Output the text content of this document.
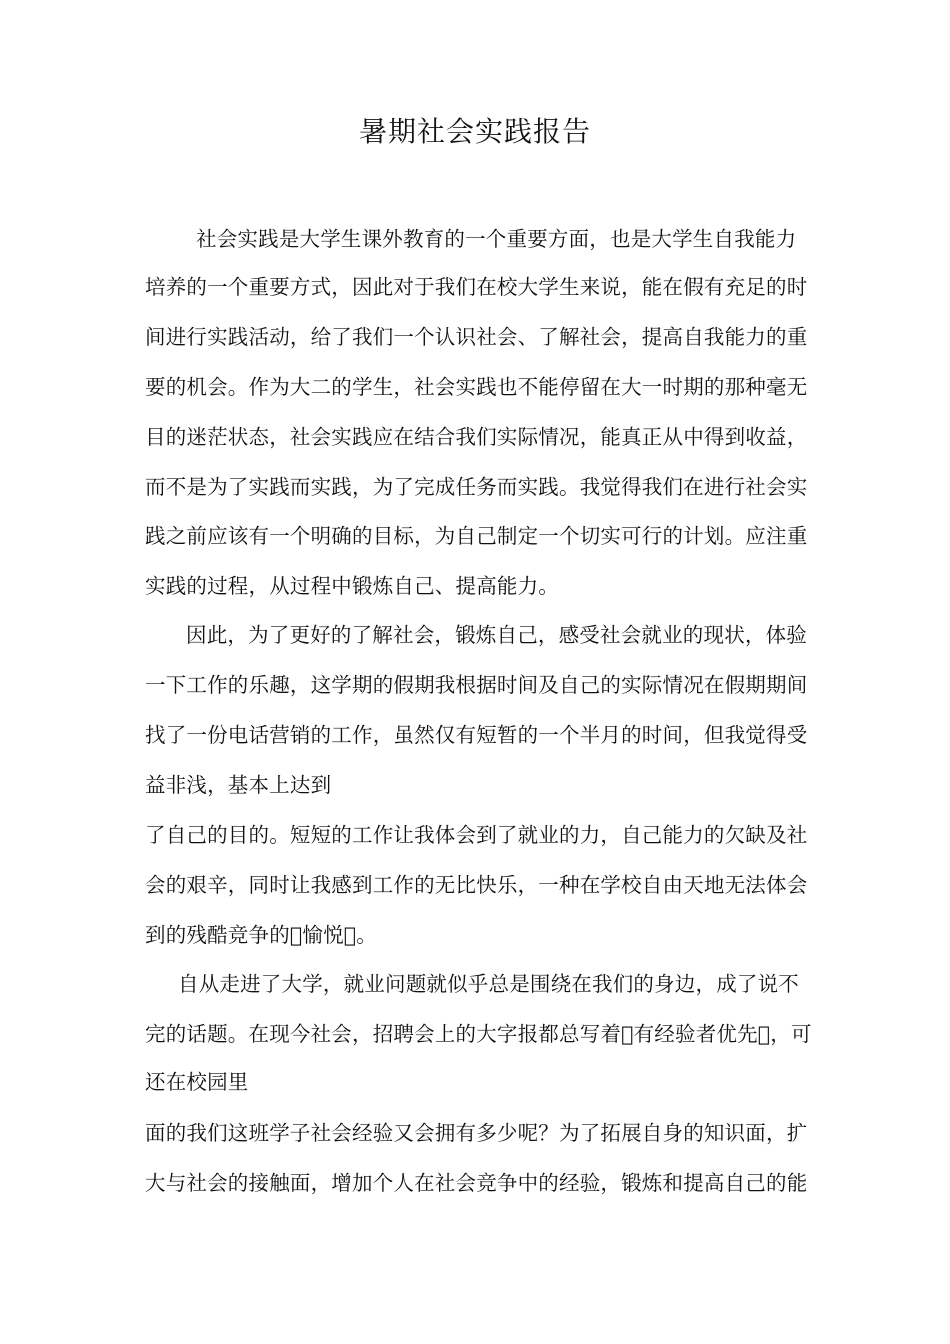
暑期社会实践报告
社会实践是大学生课外教育的一个重要方面，也是大学生自我能力
培养的一个重要方式，因此对于我们在校大学生来说，能在假有充足的时
间进行实践活动，给了我们一个认识社会、了解社会，提高自我能力的重
要的机会。作为大二的学生，社会实践也不能停留在大一时期的那种毫无
目的迷茫状态，社会实践应在结合我们实际情况，能真正从中得到收益，
而不是为了实践而实践，为了完成任务而实践。我觉得我们在进行社会实
践之前应该有一个明确的目标，为自己制定一个切实可行的计划。应注重
实践的过程，从过程中锻炼自己、提高能力。
因此，为了更好的了解社会，锻炼自己，感受社会就业的现状，体验
一下工作的乐趣，这学期的假期我根据时间及自己的实际情况在假期期间
找了一份电话营销的工作，虽然仅有短暂的一个半月的时间，但我觉得受
益非浅，基本上达到
了自己的目的。短短的工作让我体会到了就业的力，自己能力的欠缺及社
会的艰辛，同时让我感到工作的无比快乐，一种在学校自由天地无法体会
到的残酷竞争的 愉悦 。
自从走进了大学，就业问题就似乎总是围绕在我们的身边，成了说不
完的话题。在现今社会，招聘会上的大字报都总写着 有经验者优先 ，可
还在校园里
面的我们这班学子社会经验又会拥有多少呢？为了拓展自身的知识面，扩
大与社会的接触面，增加个人在社会竞争中的经验，锻炼和提高自己的能
